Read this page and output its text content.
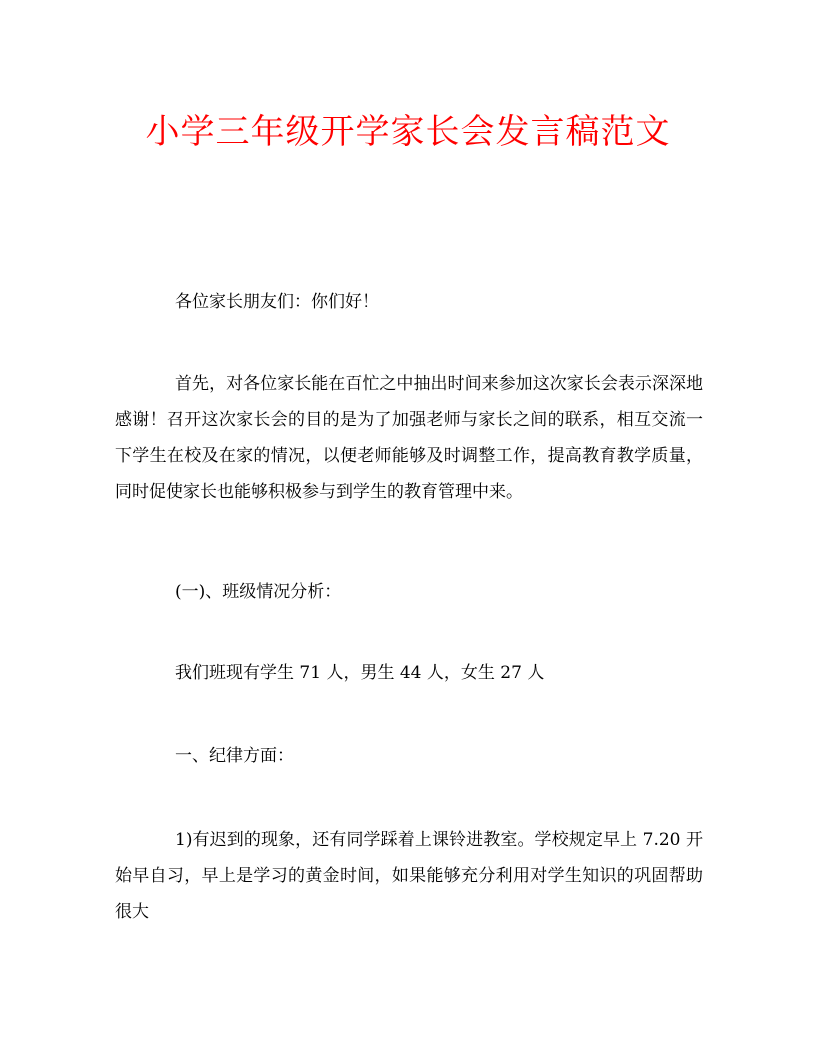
小学三年级开学家长会发言稿范文
各位家长朋友们：你们好！
首先，对各位家长能在百忙之中抽出时间来参加这次家长会表示深深地感谢！召开这次家长会的目的是为了加强老师与家长之间的联系，相互交流一下学生在校及在家的情况，以便老师能够及时调整工作，提高教育教学质量，同时促使家长也能够积极参与到学生的教育管理中来。
(一)、班级情况分析：
我们班现有学生 71 人，男生 44 人，女生 27 人
一、纪律方面：
1)有迟到的现象，还有同学踩着上课铃进教室。学校规定早上 7.20 开始早自习，早上是学习的黄金时间，如果能够充分利用对学生知识的巩固帮助很大
